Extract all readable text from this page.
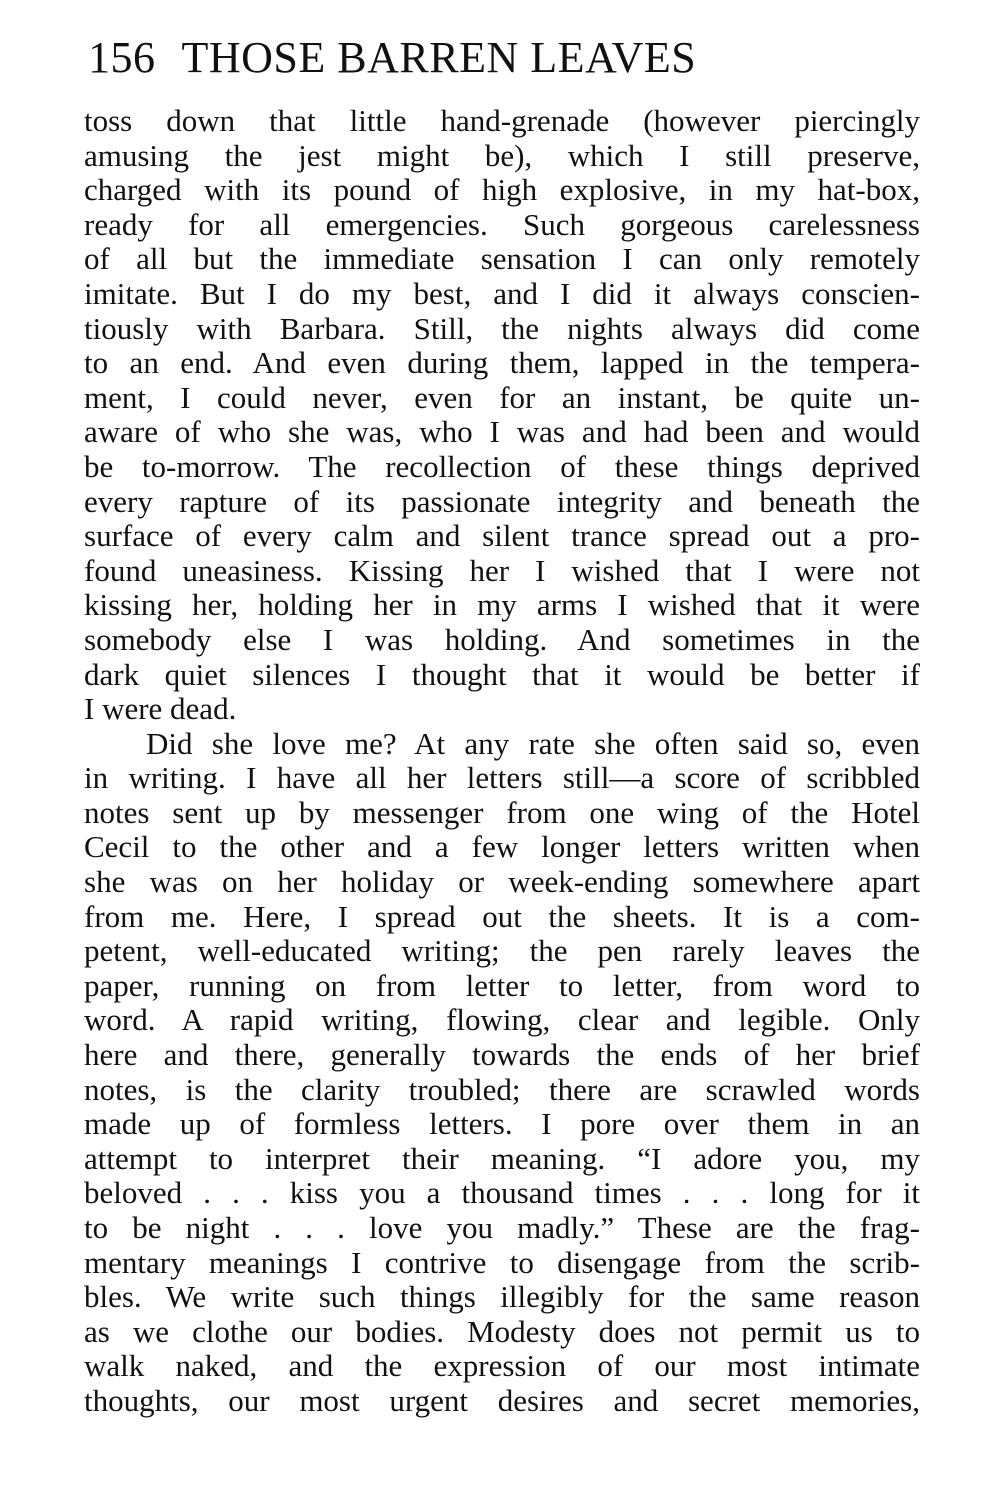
156 THOSE BARREN LEAVES
toss down that little hand-grenade (however piercingly
amusing the jest might be), which I still preserve,
charged with its pound of high explosive, in my hat-box,
ready for all emergencies. Such gorgeous carelessness
of all but the immediate sensation I can only remotely
imitate. But I do my best, and I did it always conscien-
tiously with Barbara. Still, the nights always did come
to an end. And even during them, lapped in the tempera-
ment, I could never, even for an instant, be quite un-
aware of who she was, who I was and had been and would
be to-morrow. The recollection of these things deprived
every rapture of its passionate integrity and beneath the
surface of every calm and silent trance spread out a pro-
found uneasiness. Kissing her I wished that I were not
kissing her, holding her in my arms I wished that it were
somebody else I was holding. And sometimes in the
dark quiet silences I thought that it would be better if
I were dead.
Did she love me? At any rate she often said so, even
in writing. I have all her letters still—a score of scribbled
notes sent up by messenger from one wing of the Hotel
Cecil to the other and a few longer letters written when
she was on her holiday or week-ending somewhere apart
from me. Here, I spread out the sheets. It is a com-
petent, well-educated writing; the pen rarely leaves the
paper, running on from letter to letter, from word to
word. A rapid writing, flowing, clear and legible. Only
here and there, generally towards the ends of her brief
notes, is the clarity troubled; there are scrawled words
made up of formless letters. I pore over them in an
attempt to interpret their meaning. “I adore you, my
beloved . . . kiss you a thousand times . . . long for it
to be night . . . love you madly.” These are the frag-
mentary meanings I contrive to disengage from the scrib-
bles. We write such things illegibly for the same reason
as we clothe our bodies. Modesty does not permit us to
walk naked, and the expression of our most intimate
thoughts, our most urgent desires and secret memories,
